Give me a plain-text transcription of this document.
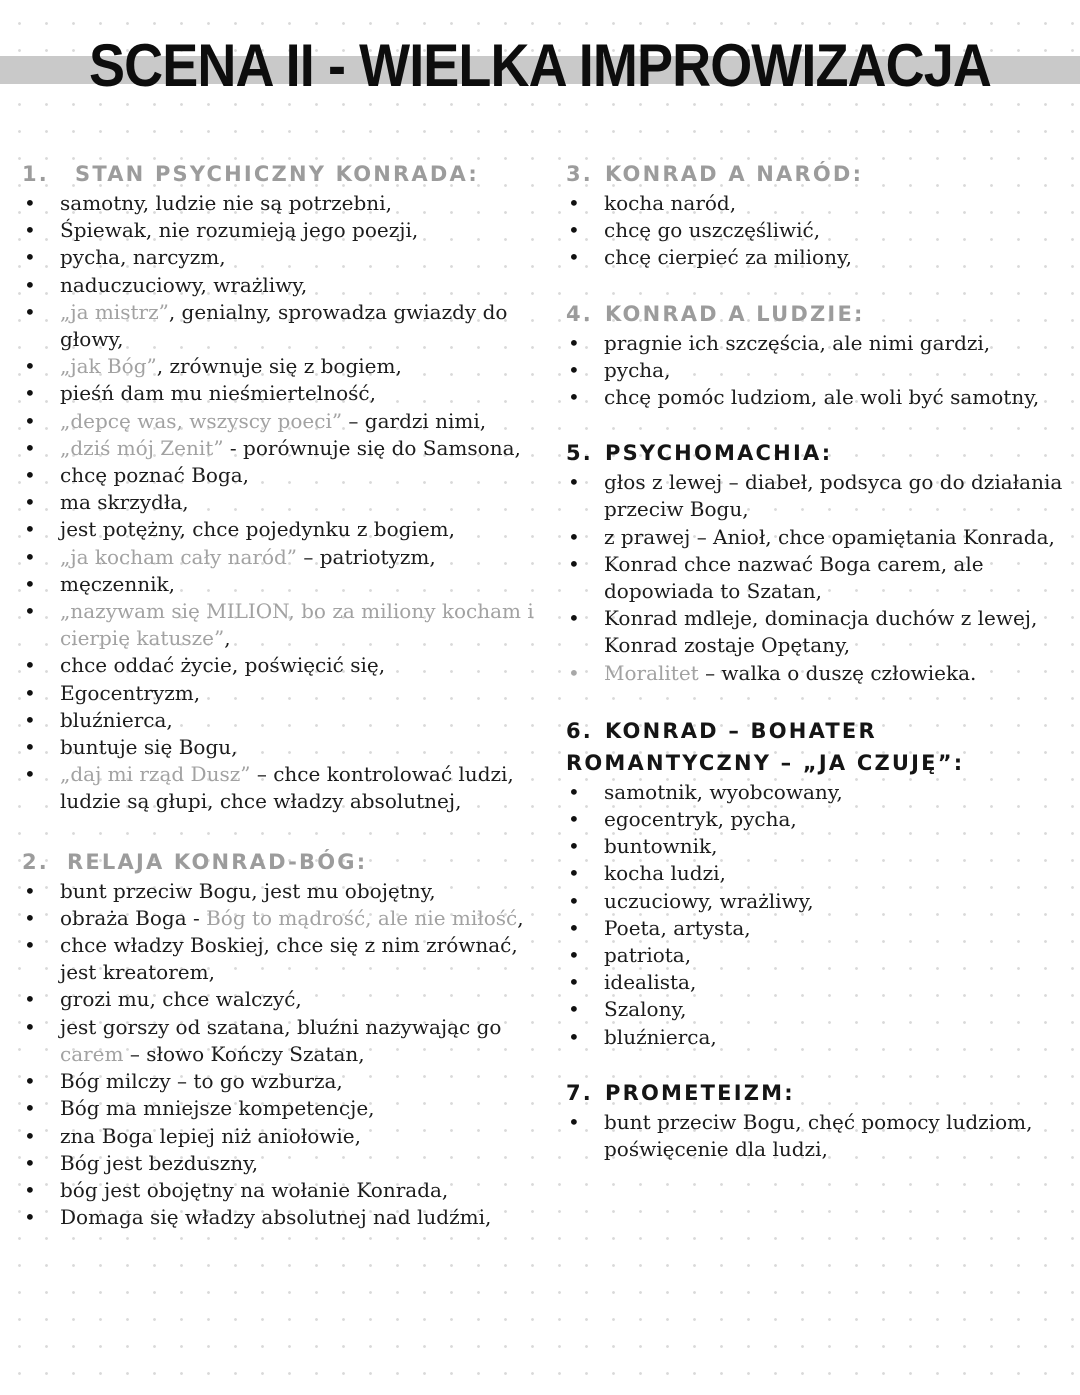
SCENA II - WIELKA IMPROWIZACJA
1. STAN PSYCHICZNY KONRADA:
• samotny, ludzie nie są potrzebni,
• Śpiewak, nie rozumieją jego poezji,
• pycha, narcyzm,
• naduczuciowy, wrażliwy,
• „ja mistrz”, genialny, sprowadza gwiazdy do głowy,
• „jak Bóg”, zrównuje się z bogiem,
• pieśń dam mu nieśmiertelność,
• „depcę was, wszyscy poeci” – gardzi nimi,
• „dziś mój Zenit” - porównuje się do Samsona,
• chcę poznać Boga,
• ma skrzydła,
• jest potężny, chce pojedynku z bogiem,
• „ja kocham cały naród” – patriotyzm,
• męczennik,
• „nazywam się MILION, bo za miliony kocham i cierpię katusze”,
• chce oddać życie, poświęcić się,
• Egocentryzm,
• bluźnierca,
• buntuje się Bogu,
• „daj mi rząd Dusz” – chce kontrolować ludzi, ludzie są głupi, chce władzy absolutnej,
2. RELAJA KONRAD-BÓG:
• bunt przeciw Bogu, jest mu obojętny,
• obraża Boga - Bóg to mądrość, ale nie miłość,
• chce władzy Boskiej, chce się z nim zrównać, jest kreatorem,
• grozi mu, chce walczyć,
• jest gorszy od szatana, bluźni nazywając go carem – słowo Kończy Szatan,
• Bóg milczy – to go wzburza,
• Bóg ma mniejsze kompetencje,
• zna Boga lepiej niż aniołowie,
• Bóg jest bezduszny,
• bóg jest obojętny na wołanie Konrada,
• Domaga się władzy absolutnej nad ludźmi,
3. KONRAD A NARÓD:
• kocha naród,
• chcę go uszczęśliwić,
• chcę cierpieć za miliony,
4. KONRAD A LUDZIE:
• pragnie ich szczęścia, ale nimi gardzi,
• pycha,
• chcę pomóc ludziom, ale woli być samotny,
5. PSYCHOMACHIA:
• głos z lewej – diabeł, podsyca go do działania przeciw Bogu,
• z prawej – Anioł, chce opamiętania Konrada,
• Konrad chce nazwać Boga carem, ale dopowiada to Szatan,
• Konrad mdleje, dominacja duchów z lewej, Konrad zostaje Opętany,
• Moralitet – walka o duszę człowieka.
6. KONRAD – BOHATER ROMANTYCZNY – „JA CZUJĘ”:
• samotnik, wyobcowany,
• egocentryk, pycha,
• buntownik,
• kocha ludzi,
• uczuciowy, wrażliwy,
• Poeta, artysta,
• patriota,
• idealista,
• Szalony,
• bluźnierca,
7. PROMETEIZM:
• bunt przeciw Bogu, chęć pomocy ludziom, poświęcenie dla ludzi,
